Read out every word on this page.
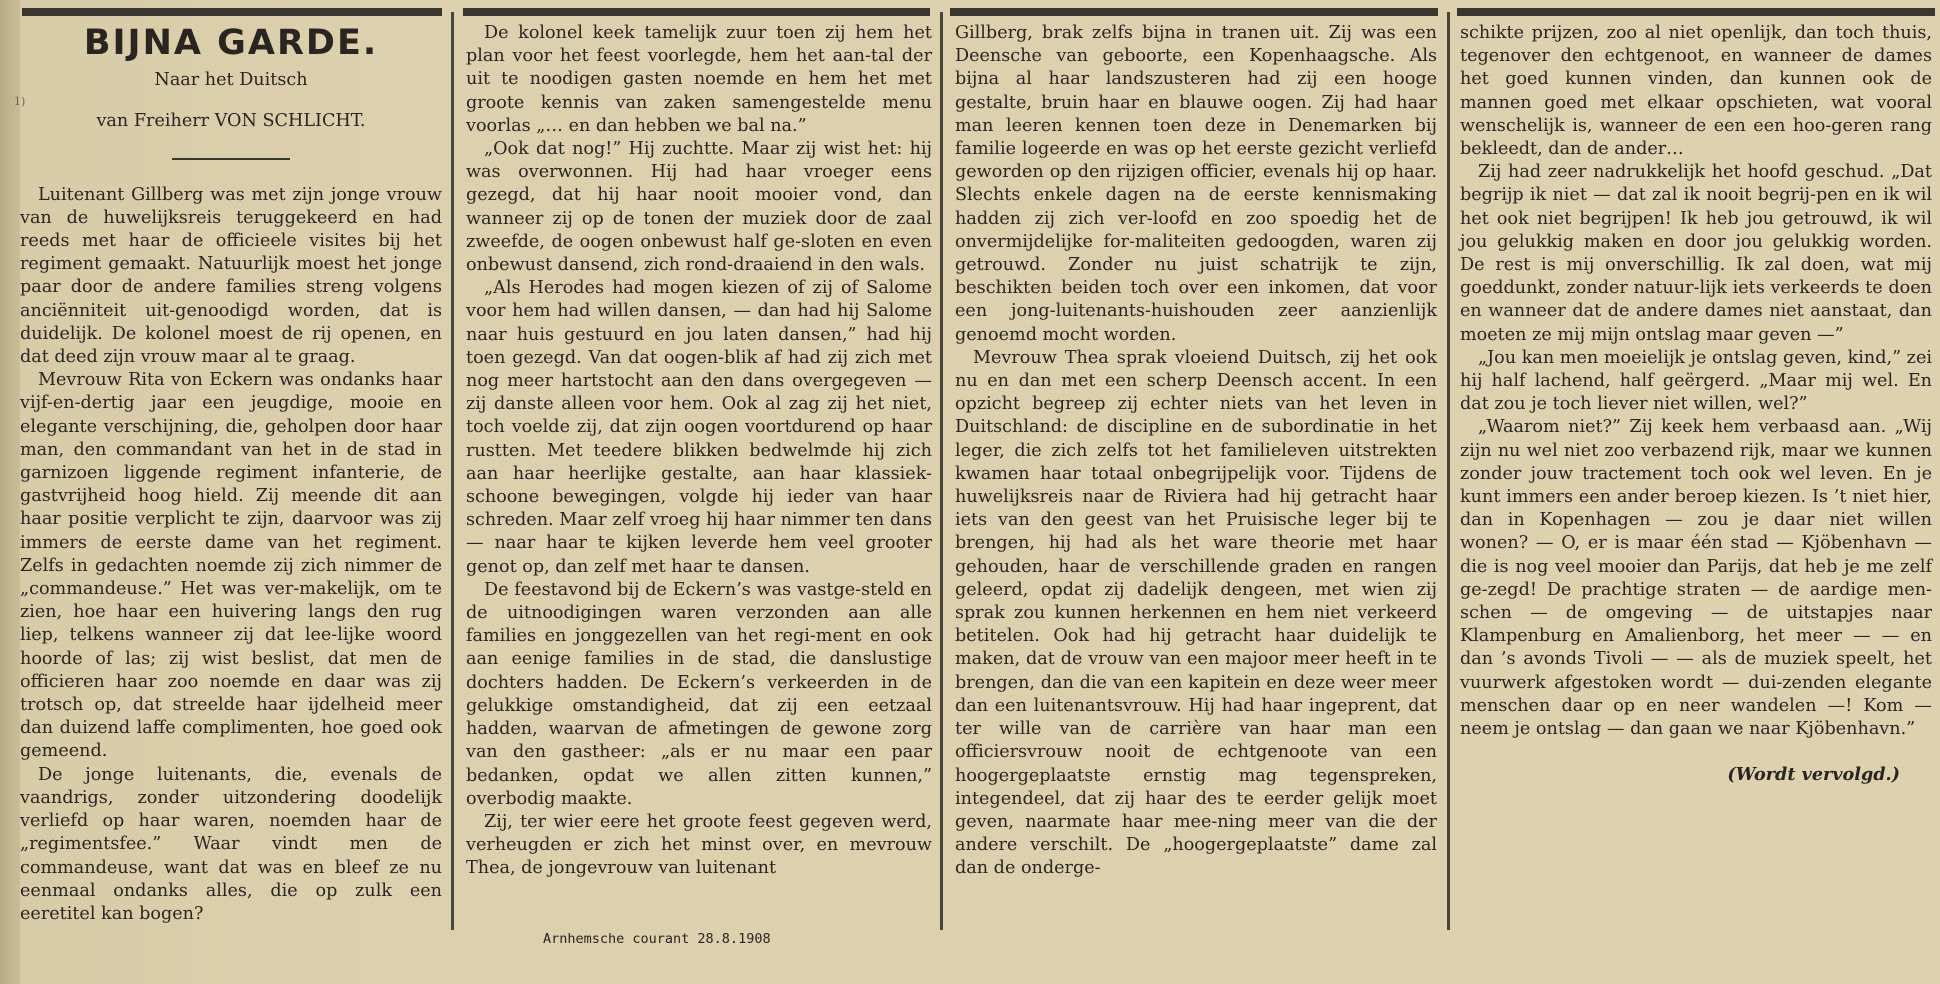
1)
BIJNA GARDE.
Naar het Duitsch
van Freiherr VON SCHLICHT.

Luitenant Gillberg was met zijn jonge vrouw van de huwelijksreis teruggekeerd en had reeds met haar de officieele visites bij het regiment gemaakt. Natuurlijk moest het jonge paar door de andere families streng volgens anciënniteit uit-genoodigd worden, dat is duidelijk. De kolonel moest de rij openen, en dat deed zijn vrouw maar al te graag.

Mevrouw Rita von Eckern was ondanks haar vijf-en-dertig jaar een jeugdige, mooie en elegante verschijning, die, geholpen door haar man, den commandant van het in de stad in garnizoen liggende regiment infanterie, de gastvrijheid hoog hield. Zij meende dit aan haar positie verplicht te zijn, daarvoor was zij immers de eerste dame van het regiment. Zelfs in gedachten noemde zij zich nimmer de „commandeuse.” Het was ver-makelijk, om te zien, hoe haar een huivering langs den rug liep, telkens wanneer zij dat lee-lijke woord hoorde of las; zij wist beslist, dat men de officieren haar zoo noemde en daar was zij trotsch op, dat streelde haar ijdelheid meer dan duizend laffe complimenten, hoe goed ook gemeend.

De jonge luitenants, die, evenals de vaandrigs, zonder uitzondering doodelijk verliefd op haar waren, noemden haar de „regimentsfee.” Waar vindt men de commandeuse, want dat was en bleef ze nu eenmaal ondanks alles, die op zulk een eeretitel kan bogen?

De kolonel keek tamelijk zuur toen zij hem het plan voor het feest voorlegde, hem het aan-tal der uit te noodigen gasten noemde en hem het met groote kennis van zaken samengestelde menu voorlas „… en dan hebben we bal na.”

„Ook dat nog!” Hij zuchtte. Maar zij wist het: hij was overwonnen. Hij had haar vroeger eens gezegd, dat hij haar nooit mooier vond, dan wanneer zij op de tonen der muziek door de zaal zweefde, de oogen onbewust half ge-sloten en even onbewust dansend, zich rond-draaiend in den wals.

„Als Herodes had mogen kiezen of zij of Salome voor hem had willen dansen, — dan had hij Salome naar huis gestuurd en jou laten dansen,” had hij toen gezegd. Van dat oogen-blik af had zij zich met nog meer hartstocht aan den dans overgegeven — zij danste alleen voor hem. Ook al zag zij het niet, toch voelde zij, dat zijn oogen voortdurend op haar rustten. Met teedere blikken bedwelmde hij zich aan haar heerlijke gestalte, aan haar klassiek-schoone bewegingen, volgde hij ieder van haar schreden. Maar zelf vroeg hij haar nimmer ten dans — naar haar te kijken leverde hem veel grooter genot op, dan zelf met haar te dansen.

De feestavond bij de Eckern’s was vastge-steld en de uitnoodigingen waren verzonden aan alle families en jonggezellen van het regi-ment en ook aan eenige families in de stad, die danslustige dochters hadden. De Eckern’s verkeerden in de gelukkige omstandigheid, dat zij een eetzaal hadden, waarvan de afmetingen de gewone zorg van den gastheer: „als er nu maar een paar bedanken, opdat we allen zitten kunnen,” overbodig maakte.

Zij, ter wier eere het groote feest gegeven werd, verheugden er zich het minst over, en mevrouw Thea, de jongevrouw van luitenant

Gillberg, brak zelfs bijna in tranen uit. Zij was een Deensche van geboorte, een Kopenhaagsche. Als bijna al haar landszusteren had zij een hooge gestalte, bruin haar en blauwe oogen. Zij had haar man leeren kennen toen deze in Denemarken bij familie logeerde en was op het eerste gezicht verliefd geworden op den rijzigen officier, evenals hij op haar. Slechts enkele dagen na de eerste kennismaking hadden zij zich ver-loofd en zoo spoedig het de onvermijdelijke for-maliteiten gedoogden, waren zij getrouwd. Zonder nu juist schatrijk te zijn, beschikten beiden toch over een inkomen, dat voor een jong-luitenants-huishouden zeer aanzienlijk genoemd mocht worden.

Mevrouw Thea sprak vloeiend Duitsch, zij het ook nu en dan met een scherp Deensch accent. In een opzicht begreep zij echter niets van het leven in Duitschland: de discipline en de subordinatie in het leger, die zich zelfs tot het familieleven uitstrekten kwamen haar totaal onbegrijpelijk voor. Tijdens de huwelijksreis naar de Riviera had hij getracht haar iets van den geest van het Pruisische leger bij te brengen, hij had als het ware theorie met haar gehouden, haar de verschillende graden en rangen geleerd, opdat zij dadelijk dengeen, met wien zij sprak zou kunnen herkennen en hem niet verkeerd betitelen. Ook had hij getracht haar duidelijk te maken, dat de vrouw van een majoor meer heeft in te brengen, dan die van een kapitein en deze weer meer dan een luitenantsvrouw. Hij had haar ingeprent, dat ter wille van de carrière van haar man een officiersvrouw nooit de echtgenoote van een hoogergeplaatste ernstig mag tegenspreken, integendeel, dat zij haar des te eerder gelijk moet geven, naarmate haar mee-ning meer van die der andere verschilt. De „hoogergeplaatste” dame zal dan de onderge-

schikte prijzen, zoo al niet openlijk, dan toch thuis, tegenover den echtgenoot, en wanneer de dames het goed kunnen vinden, dan kunnen ook de mannen goed met elkaar opschieten, wat vooral wenschelijk is, wanneer de een een hoo-geren rang bekleedt, dan de ander…

Zij had zeer nadrukkelijk het hoofd geschud. „Dat begrijp ik niet — dat zal ik nooit begrij-pen en ik wil het ook niet begrijpen! Ik heb jou getrouwd, ik wil jou gelukkig maken en door jou gelukkig worden. De rest is mij onverschillig. Ik zal doen, wat mij goeddunkt, zonder natuur-lijk iets verkeerds te doen en wanneer dat de andere dames niet aanstaat, dan moeten ze mij mijn ontslag maar geven —”

„Jou kan men moeielijk je ontslag geven, kind,” zei hij half lachend, half geërgerd. „Maar mij wel. En dat zou je toch liever niet willen, wel?”

„Waarom niet?” Zij keek hem verbaasd aan. „Wij zijn nu wel niet zoo verbazend rijk, maar we kunnen zonder jouw tractement toch ook wel leven. En je kunt immers een ander beroep kiezen. Is ’t niet hier, dan in Kopenhagen — zou je daar niet willen wonen? — O, er is maar één stad — Kjöbenhavn — die is nog veel mooier dan Parijs, dat heb je me zelf ge-zegd! De prachtige straten — de aardige men-schen — de omgeving — de uitstapjes naar Klampenburg en Amalienborg, het meer — — en dan ’s avonds Tivoli — — als de muziek speelt, het vuurwerk afgestoken wordt — dui-zenden elegante menschen daar op en neer wandelen —! Kom — neem je ontslag — dan gaan we naar Kjöbenhavn.”

(Wordt vervolgd.)
Arnhemsche courant 28.8.1908
